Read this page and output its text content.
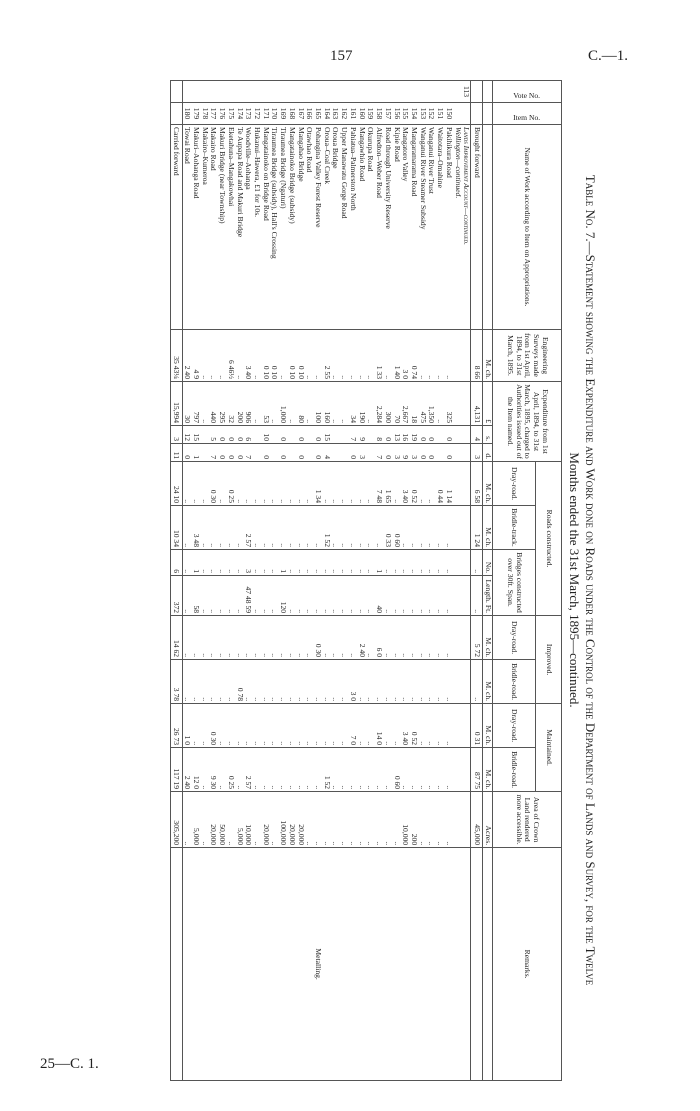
157	C.—1.
25—C. 1.
Table No. 7.—Statement showing the Expenditure and Work done on Roads under the Control of the Department of Lands and Survey, for the Twelve
Months ended the 31st March, 1895—continued.
Vote No.	Item No.	Name of Work according to Item on Appropriations.	Engineering Surveys made from 1st April, 1894, to 31st March, 1895.	Expenditure from 1st April, 1894, to 31st March, 1895, charged to Authorities issued out of the Item named.			Roads constructed.				Improved.		Maintained.		Area of Crown Land rendered more accessible.	Remarks.
							Dray-road.	Bridle-track.	Bridges constructed over 30ft. Span.		Dray-road.	Bridle-road.	Dray-road.	Bridle-road.		
			M. ch.	£	s.	d.	M. ch.	M. ch.	No.	Length. Ft.	M. ch.	M. ch.	M. ch.	M. ch.	Acres.	
		Brought forward	8 66	4,131	4	3	6 58	1 24	..	..	5 72	..	0 31	87 75	45,000	
113		Lands Improvement Account—continued.														
		Wellington—continued.														
	150	Pakihikura Road	..	325	0	0	1 14	..	..	..	..	..	..	..	..	
	151	Waitotara–Omahine	..	..			0 44	..	..	..	..	..	..	..	..	
	152	Wanganui River Trust	..	1,350	0	0	..	..	..	..	..	..	..	..	..	
	153	Wanganui River Steamer Subsidy	..	475	0	0	..	..	..	..	..	..	..	..	..	
	154	Mangaramarama Road	0 74	18	19	3	0 52	..	..	..	..	..	0 52	..	200	
	155	Mangatoro Valley	3 0	2,667	16	9	3 40	..	..	..	..	..	3 40	..	10,000	
	156	Kipie Road	1 40	70	13	3	..	0 60	..	..	..	..	..	0 60	..	
	157	Road through University Reserve	..	300	0	0	1 65	0 33	..	..	..	..	..	..	..	
	158	Alfredton–Weber Road	1 33	2,284	8	7	7 48	..	1	40	6 0	..	14 0	..	..	
	159	Okurupa Road	..	..			..	..	..	..	..	..	..	..	..	
	160	Mangawhio Road	..	190	9	3	..	..	..	..	2 40	..	..	..	..	
	161	Pahiatua–Palmerston North	..	34	7	0	..	..	..	..	..	3 0	7 0	..	..	
	162	Upper Manawatu Gorge Road	..	..			..	..	..	..	..	..	..	..	..	
	163	Oroua Bridge	..	..			..	..	..	..	..	..	..	..	..	
	164	Oroua–Coal Creek	2 55	160	15	4	..	1 52	..	..	..	..	..	1 52	..	
	165	Pohangina Valley Forest Reserve	..	100	0	0	1 34	..	..	..	0 30	..	..	..	..	Metalling.
	166	Otawhao Road	..	..			..	..	..	..	..	..	..	..	..	
	167	Mangahao Bridge	0 10	80	0	0	..	..	..	..	..	..	..	..	20,000	
	168	Mangatainoko Bridge (subsidy)	0 10	..			..	..	..	..	..	..	..	..	20,000	
	169	Tiraumea Bridge (Ngaturi)	..	1,000	0	0	..	..	1	120	..	..	..	..	100,000	
	170	Tiraumea Bridge (subsidy), Hall's Crossing	0 10	..			..	..	..	..	..	..	..	..	..	
	171	Mangatainoko on Bridge Road	0 10	53	10	0	..	..	..	..	..	..	..	..	20,000	
	172	Hukanui–Hawera, £1 for 10s.	..	..			..	..	..	..	..	..	..	..	..	
	173	Woodville–Aohanga	3 40	906	6	7	..	2 57	3	47 48 59	..	..	..	2 57	10,000	
	174	Te Aupapa Road and Makuri Bridge	..	200	0	0	..	..	..	..	..	0 78	..	..	5,000	
	175	Eketahuna–Mangakowhai	6 46½	32	0	0	0 25	..	..	..	..	..	..	0 25	..	
	176	Makuri Bridge (near Township)	..	295	0	0	..	..	..	..	..	..	..	..	50,000	
	177	Makairo Road	..	440	5	7	0 30	..	..	..	..	..	0 30	9 30	20,000	
	178	Makairo–Kumeroa	..	..			..	..	..	..	..	..	..	..	..	
	179	Makuri–Aohanga Road	4 9	797	15	1	..	3 48	1	58	..	..	..	12 0	5,000	
	180	Towai Road	2 40	30	12	0	..	..	..	..	..	..	1 0	2 40	..	
		Carried forward	35 43¼	15,994	3	11	24 10	10 34	6	372	14 62	3 78	26 73	117 19	305,200	
